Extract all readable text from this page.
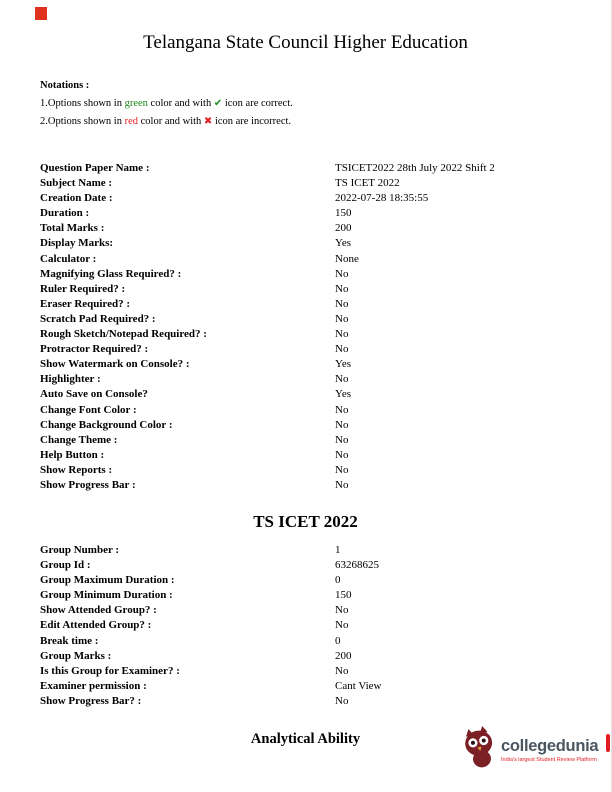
Telangana State Council Higher Education
Notations :
1.Options shown in green color and with ✔ icon are correct.
2.Options shown in red color and with ✖ icon are incorrect.
Question Paper Name :	TSICET2022 28th July 2022 Shift 2
Subject Name :	TS ICET 2022
Creation Date :	2022-07-28 18:35:55
Duration :	150
Total Marks :	200
Display Marks:	Yes
Calculator :	None
Magnifying Glass Required? :	No
Ruler Required? :	No
Eraser Required? :	No
Scratch Pad Required? :	No
Rough Sketch/Notepad Required? :	No
Protractor Required? :	No
Show Watermark on Console? :	Yes
Highlighter :	No
Auto Save on Console?	Yes
Change Font Color :	No
Change Background Color :	No
Change Theme :	No
Help Button :	No
Show Reports :	No
Show Progress Bar :	No
TS ICET 2022
Group Number :	1
Group Id :	63268625
Group Maximum Duration :	0
Group Minimum Duration :	150
Show Attended Group? :	No
Edit Attended Group? :	No
Break time :	0
Group Marks :	200
Is this Group for Examiner? :	No
Examiner permission :	Cant View
Show Progress Bar? :	No
Analytical Ability	collegedunia
India's largest Student Review Platform
